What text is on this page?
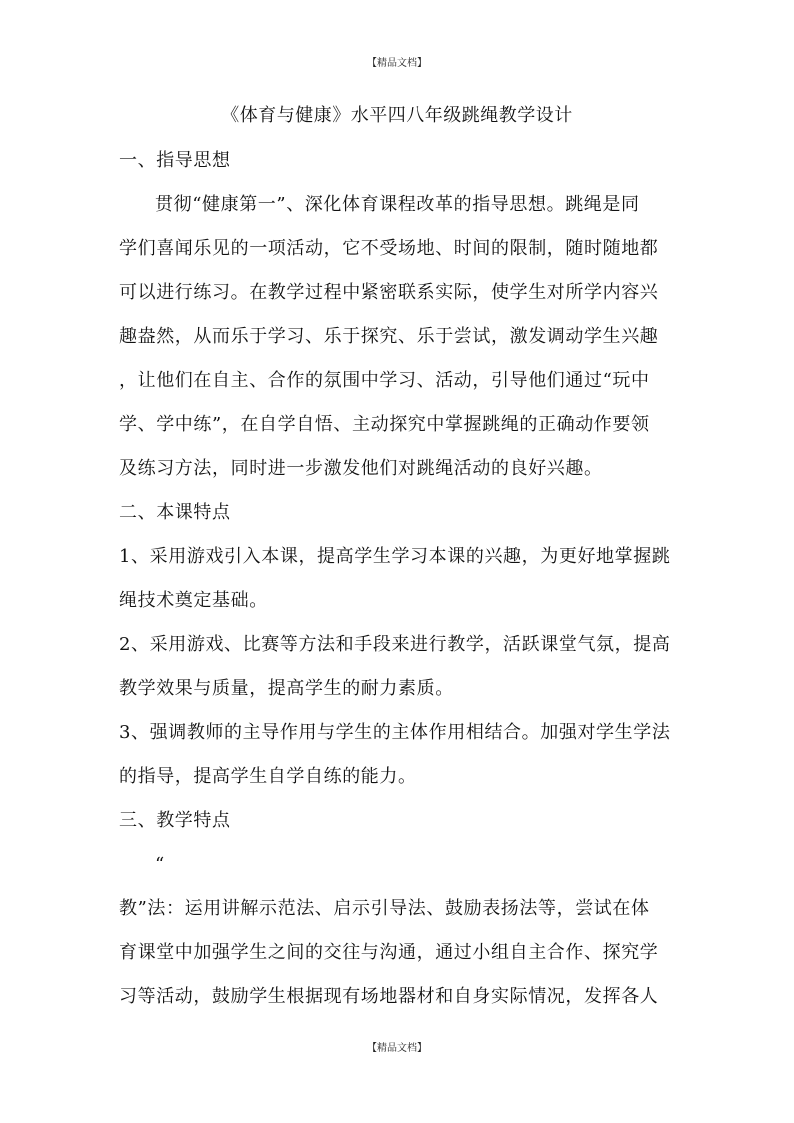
【精品文档】
《体育与健康》水平四八年级跳绳教学设计
一、指导思想
贯彻“健康第一”、深化体育课程改革的指导思想。跳绳是同
学们喜闻乐见的一项活动，它不受场地、时间的限制，随时随地都
可以进行练习。在教学过程中紧密联系实际，使学生对所学内容兴
趣盎然，从而乐于学习、乐于探究、乐于尝试，激发调动学生兴趣
，让他们在自主、合作的氛围中学习、活动，引导他们通过“玩中
学、学中练”，在自学自悟、主动探究中掌握跳绳的正确动作要领
及练习方法，同时进一步激发他们对跳绳活动的良好兴趣。
二、本课特点
1、采用游戏引入本课，提高学生学习本课的兴趣，为更好地掌握跳
绳技术奠定基础。
2、采用游戏、比赛等方法和手段来进行教学，活跃课堂气氛，提高
教学效果与质量，提高学生的耐力素质。
3、强调教师的主导作用与学生的主体作用相结合。加强对学生学法
的指导，提高学生自学自练的能力。
三、教学特点
“
教”法：运用讲解示范法、启示引导法、鼓励表扬法等，尝试在体
育课堂中加强学生之间的交往与沟通，通过小组自主合作、探究学
习等活动，鼓励学生根据现有场地器材和自身实际情况，发挥各人
【精品文档】
